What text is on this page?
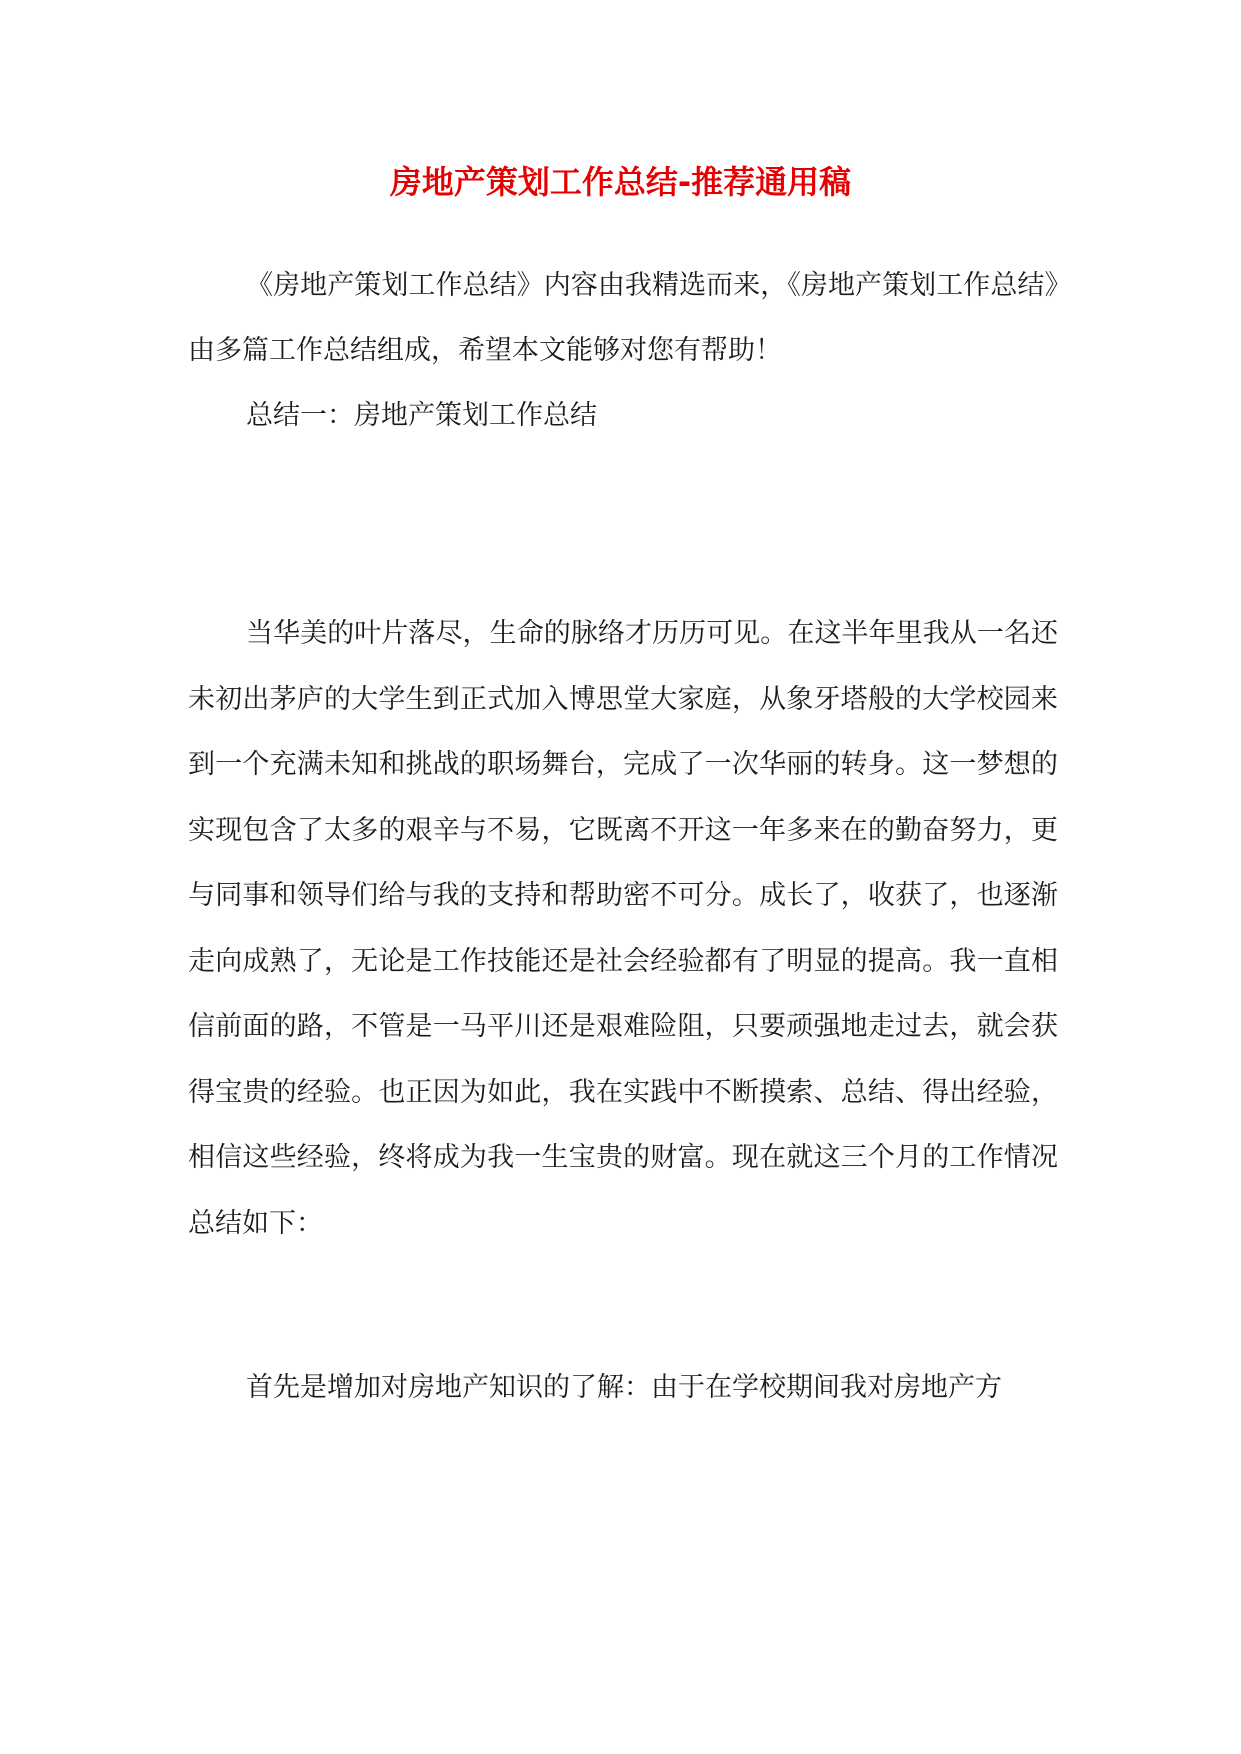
房地产策划工作总结-推荐通用稿

《房地产策划工作总结》内容由我精选而来，《房地产策划工作总结》由多篇工作总结组成，希望本文能够对您有帮助！

总结一：房地产策划工作总结

当华美的叶片落尽，生命的脉络才历历可见。在这半年里我从一名还未初出茅庐的大学生到正式加入博思堂大家庭，从象牙塔般的大学校园来到一个充满未知和挑战的职场舞台，完成了一次华丽的转身。这一梦想的实现包含了太多的艰辛与不易，它既离不开这一年多来在的勤奋努力，更与同事和领导们给与我的支持和帮助密不可分。成长了，收获了，也逐渐走向成熟了，无论是工作技能还是社会经验都有了明显的提高。我一直相信前面的路，不管是一马平川还是艰难险阻，只要顽强地走过去，就会获得宝贵的经验。也正因为如此，我在实践中不断摸索、总结、得出经验，相信这些经验，终将成为我一生宝贵的财富。现在就这三个月的工作情况总结如下：

首先是增加对房地产知识的了解：由于在学校期间我对房地产方
